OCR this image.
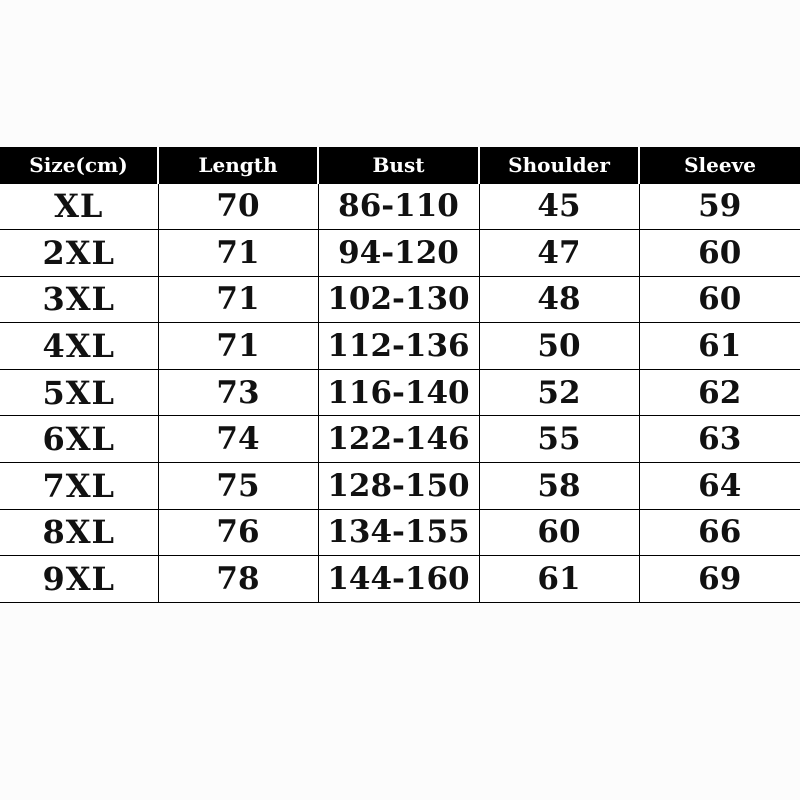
Size(cm)	Length	Bust	Shoulder	Sleeve
XL	70	86-110	45	59
2XL	71	94-120	47	60
3XL	71	102-130	48	60
4XL	71	112-136	50	61
5XL	73	116-140	52	62
6XL	74	122-146	55	63
7XL	75	128-150	58	64
8XL	76	134-155	60	66
9XL	78	144-160	61	69
